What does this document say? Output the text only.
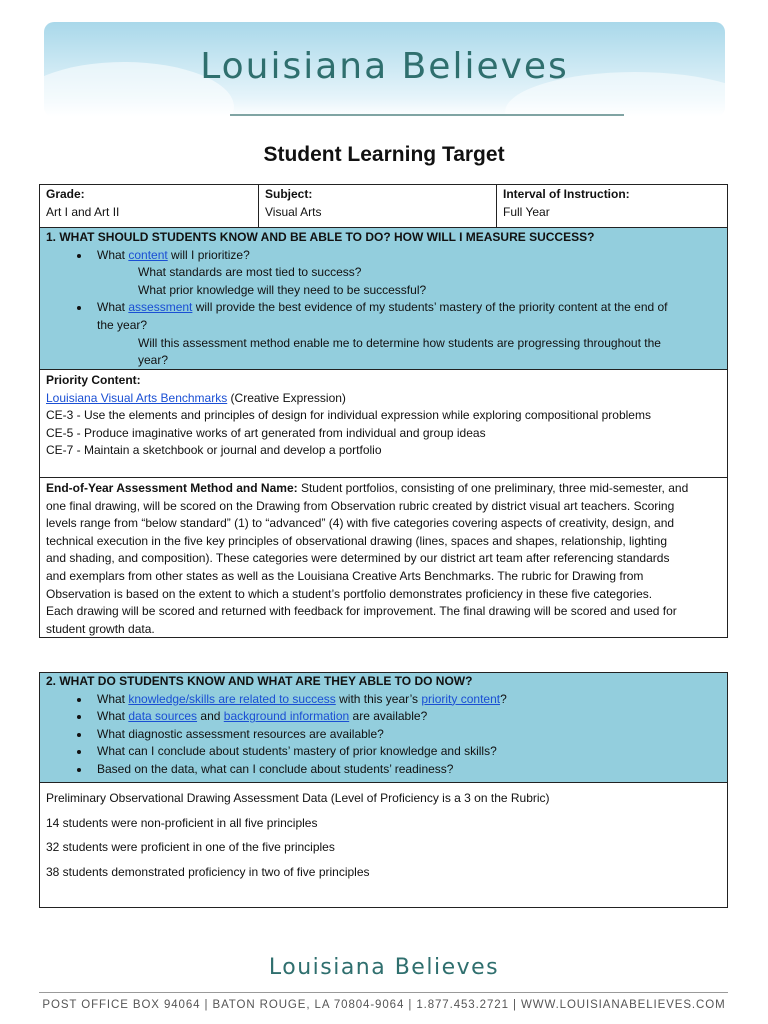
Louisiana Believes
Student Learning Target
Grade:
Art I and Art II
Subject:
Visual Arts
Interval of Instruction:
Full Year
1. WHAT SHOULD STUDENTS KNOW AND BE ABLE TO DO? HOW WILL I MEASURE SUCCESS?
• What content will I prioritize?
What standards are most tied to success?
What prior knowledge will they need to be successful?
• What assessment will provide the best evidence of my students’ mastery of the priority content at the end of
the year?
Will this assessment method enable me to determine how students are progressing throughout the
year?
Priority Content:
Louisiana Visual Arts Benchmarks (Creative Expression)
CE-3 - Use the elements and principles of design for individual expression while exploring compositional problems
CE-5 - Produce imaginative works of art generated from individual and group ideas
CE-7 - Maintain a sketchbook or journal and develop a portfolio
End-of-Year Assessment Method and Name: Student portfolios, consisting of one preliminary, three mid-semester, and
one final drawing, will be scored on the Drawing from Observation rubric created by district visual art teachers. Scoring
levels range from “below standard” (1) to “advanced” (4) with five categories covering aspects of creativity, design, and
technical execution in the five key principles of observational drawing (lines, spaces and shapes, relationship, lighting
and shading, and composition). These categories were determined by our district art team after referencing standards
and exemplars from other states as well as the Louisiana Creative Arts Benchmarks. The rubric for Drawing from
Observation is based on the extent to which a student’s portfolio demonstrates proficiency in these five categories.
Each drawing will be scored and returned with feedback for improvement. The final drawing will be scored and used for
student growth data.
2. WHAT DO STUDENTS KNOW AND WHAT ARE THEY ABLE TO DO NOW?
• What knowledge/skills are related to success with this year’s priority content?
• What data sources and background information are available?
• What diagnostic assessment resources are available?
• What can I conclude about students’ mastery of prior knowledge and skills?
• Based on the data, what can I conclude about students’ readiness?

Preliminary Observational Drawing Assessment Data (Level of Proficiency is a 3 on the Rubric)

14 students were non-proficient in all five principles

32 students were proficient in one of the five principles

38 students demonstrated proficiency in two of five principles

Louisiana Believes
POST OFFICE BOX 94064 | BATON ROUGE, LA 70804-9064 | 1.877.453.2721 | WWW.LOUISIANABELIEVES.COM
